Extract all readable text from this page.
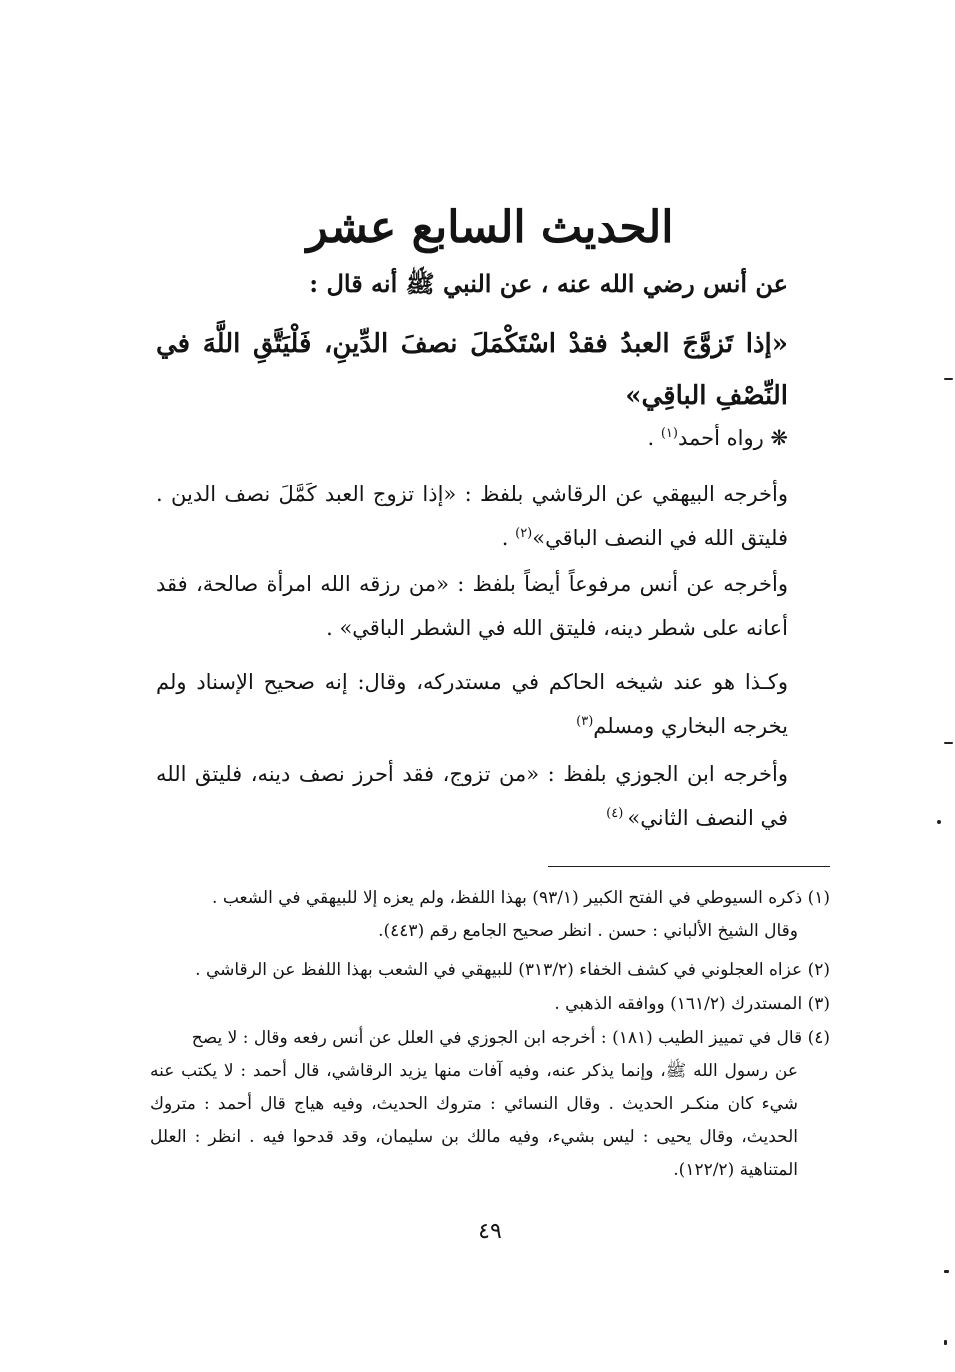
الحديث السابع عشر
عن أنس رضي الله عنه ، عن النبي ﷺ أنه قال :
«إذا تَزوَّجَ العبدُ فقدْ اسْتَكْمَلَ نصفَ الدِّينِ، فَلْيَتَّقِ اللَّهَ في النِّصْفِ الباقِي»
❋ رواه أحمد$^{(١)}$ .
وأخرجه البيهقي عن الرقاشي بلفظ : «إذا تزوج العبد كَمَّلَ نصف الدين . فليتق الله في النصف الباقي»$^{(٢)}$ .
وأخرجه عن أنس مرفوعاً أيضاً بلفظ : «من رزقه الله امرأة صالحة، فقد أعانه على شطر دينه، فليتق الله في الشطر الباقي» .
وكـذا هو عند شيخه الحاكم في مستدركه، وقال: إنه صحيح الإسناد ولم يخرجه البخاري ومسلم$^{(٣)}$
وأخرجه ابن الجوزي بلفظ : «من تزوج، فقد أحرز نصف دينه، فليتق الله في النصف الثاني» $^{(٤)}$
(١) ذكره السيوطي في الفتح الكبير (٩٣/١) بهذا اللفظ، ولم يعزه إلا للبيهقي في الشعب .
وقال الشيخ الألباني : حسن . انظر صحيح الجامع رقم (٤٤٣).
(٢) عزاه العجلوني في كشف الخفاء (٣١٣/٢) للبيهقي في الشعب بهذا اللفظ عن الرقاشي .
(٣) المستدرك (١٦١/٢) ووافقه الذهبي .
(٤) قال في تمييز الطيب (١٨١) : أخرجه ابن الجوزي في العلل عن أنس رفعه وقال : لا يصح
عن رسول الله ﷺ، وإنما يذكر عنه، وفيه آفات منها يزيد الرقاشي، قال أحمد : لا يكتب عنه شيء كان منكـر الحديث . وقال النسائي : متروك الحديث، وفيه هياج قال أحمد : متروك الحديث، وقال يحيى : ليس بشيء، وفيه مالك بن سليمان، وقد قدحوا فيه . انظر : العلل المتناهية (١٢٢/٢).
٤٩
